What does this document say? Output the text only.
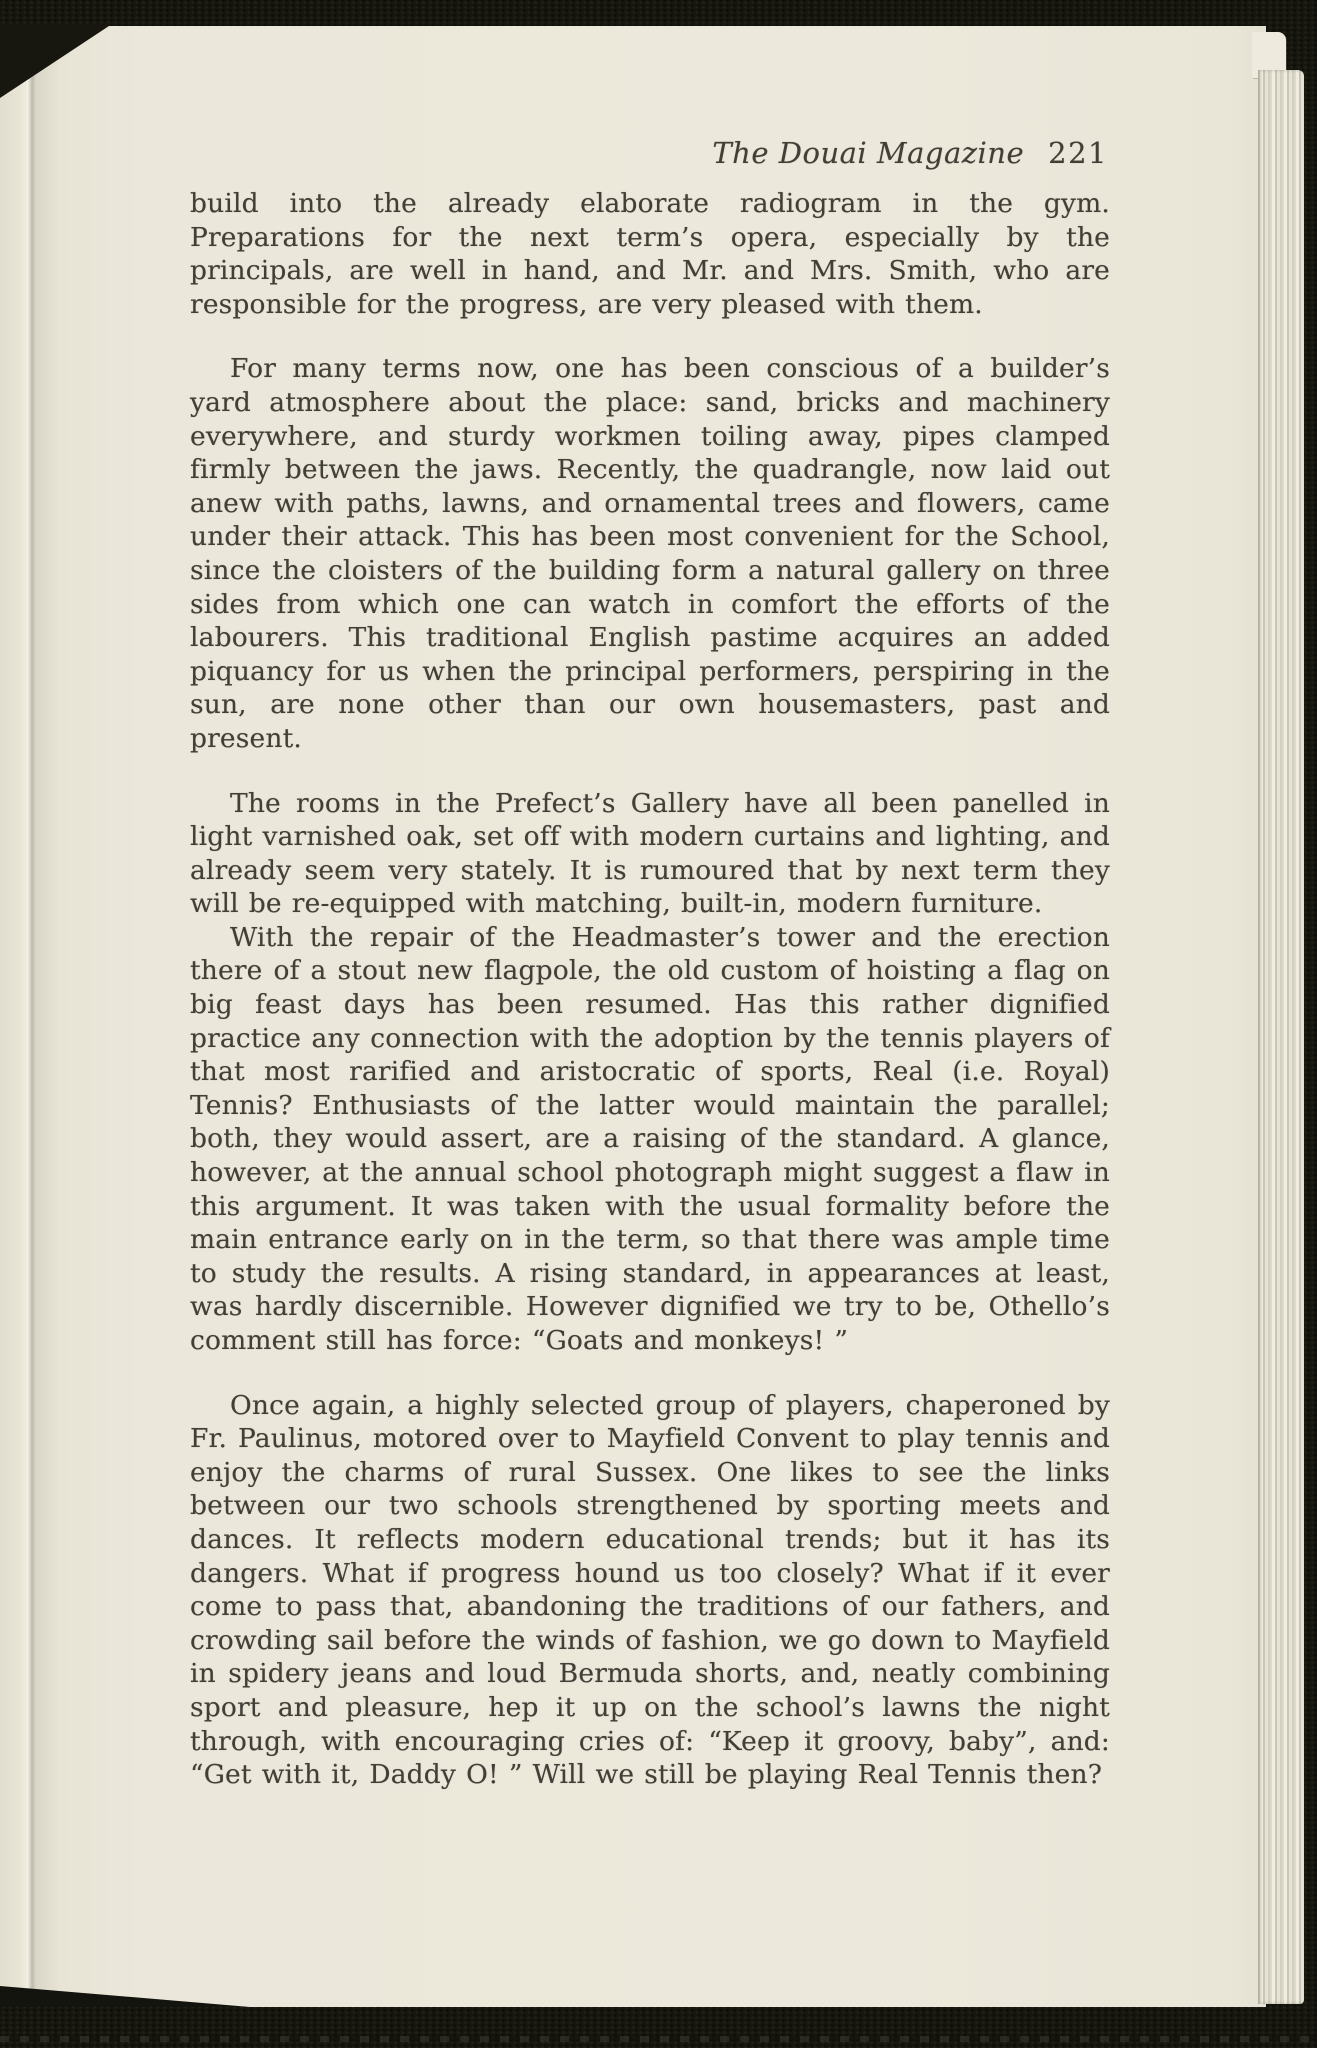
The Douai Magazine 221

build into the already elaborate radiogram in the gym. Preparations for the next term’s opera, especially by the principals, are well in hand, and Mr. and Mrs. Smith, who are responsible for the progress, are very pleased with them.

For many terms now, one has been conscious of a builder’s yard atmosphere about the place: sand, bricks and machinery everywhere, and sturdy workmen toiling away, pipes clamped firmly between the jaws. Recently, the quadrangle, now laid out anew with paths, lawns, and ornamental trees and flowers, came under their attack. This has been most convenient for the School, since the cloisters of the building form a natural gallery on three sides from which one can watch in comfort the efforts of the labourers. This traditional English pastime acquires an added piquancy for us when the principal performers, perspiring in the sun, are none other than our own housemasters, past and present.

The rooms in the Prefect’s Gallery have all been panelled in light varnished oak, set off with modern curtains and lighting, and already seem very stately. It is rumoured that by next term they will be re-equipped with matching, built-in, modern furniture.

With the repair of the Headmaster’s tower and the erection there of a stout new flagpole, the old custom of hoisting a flag on big feast days has been resumed. Has this rather dignified practice any connection with the adoption by the tennis players of that most rarified and aristocratic of sports, Real (i.e. Royal) Tennis? Enthusiasts of the latter would maintain the parallel; both, they would assert, are a raising of the standard. A glance, however, at the annual school photograph might suggest a flaw in this argument. It was taken with the usual formality before the main entrance early on in the term, so that there was ample time to study the results. A rising standard, in appearances at least, was hardly discernible. However dignified we try to be, Othello’s comment still has force: “Goats and monkeys! ”

Once again, a highly selected group of players, chaperoned by Fr. Paulinus, motored over to Mayfield Convent to play tennis and enjoy the charms of rural Sussex. One likes to see the links between our two schools strengthened by sporting meets and dances. It reflects modern educational trends; but it has its dangers. What if progress hound us too closely? What if it ever come to pass that, abandoning the traditions of our fathers, and crowding sail before the winds of fashion, we go down to Mayfield in spidery jeans and loud Bermuda shorts, and, neatly combining sport and pleasure, hep it up on the school’s lawns the night through, with encouraging cries of: “Keep it groovy, baby”, and: “Get with it, Daddy O! ” Will we still be playing Real Tennis then?
